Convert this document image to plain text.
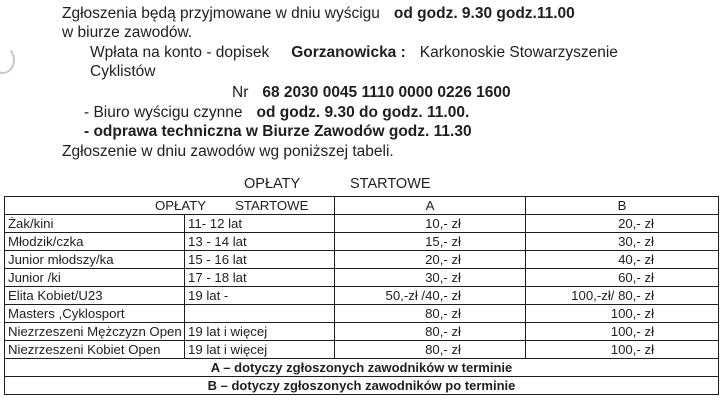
Zgłoszenia będą przyjmowane w dniu wyścigu od godz. 9.30 godz.11.00
w biurze zawodów.
Wpłata na konto - dopisek Gorzanowicka : Karkonoskie Stowarzyszenie
Cyklistów
Nr 68 2030 0045 1110 0000 0226 1600
- Biuro wyścigu czynne od godz. 9.30 do godz. 11.00.
- odprawa techniczna w Biurze Zawodów godz. 11.30
Zgłoszenie w dniu zawodów wg poniższej tabeli.
OPŁATY	STARTOWE
OPŁATY        STARTOWE		A	B
Żak/kini	11- 12 lat	10,- zł	20,- zł
Młodzik/czka	13 - 14 lat	15,- zł	30,- zł
Junior młodszy/ka	15 - 16 lat	20,- zł	40,- zł
Junior /ki	17 - 18 lat	30,- zł	60,- zł
Elita Kobiet/U23	19 lat -	50,-zł /40,- zł	100,-zł/ 80,- zł
Masters ,Cyklosport		80,- zł	100,- zł
Niezrzeszeni Mężczyzn Open	19 lat i więcej	80,- zł	100,- zł
Niezrzeszeni Kobiet Open	19 lat i więcej	80,- zł	100,- zł
A – dotyczy zgłoszonych zawodników w terminie			
B – dotyczy zgłoszonych zawodników po terminie			
